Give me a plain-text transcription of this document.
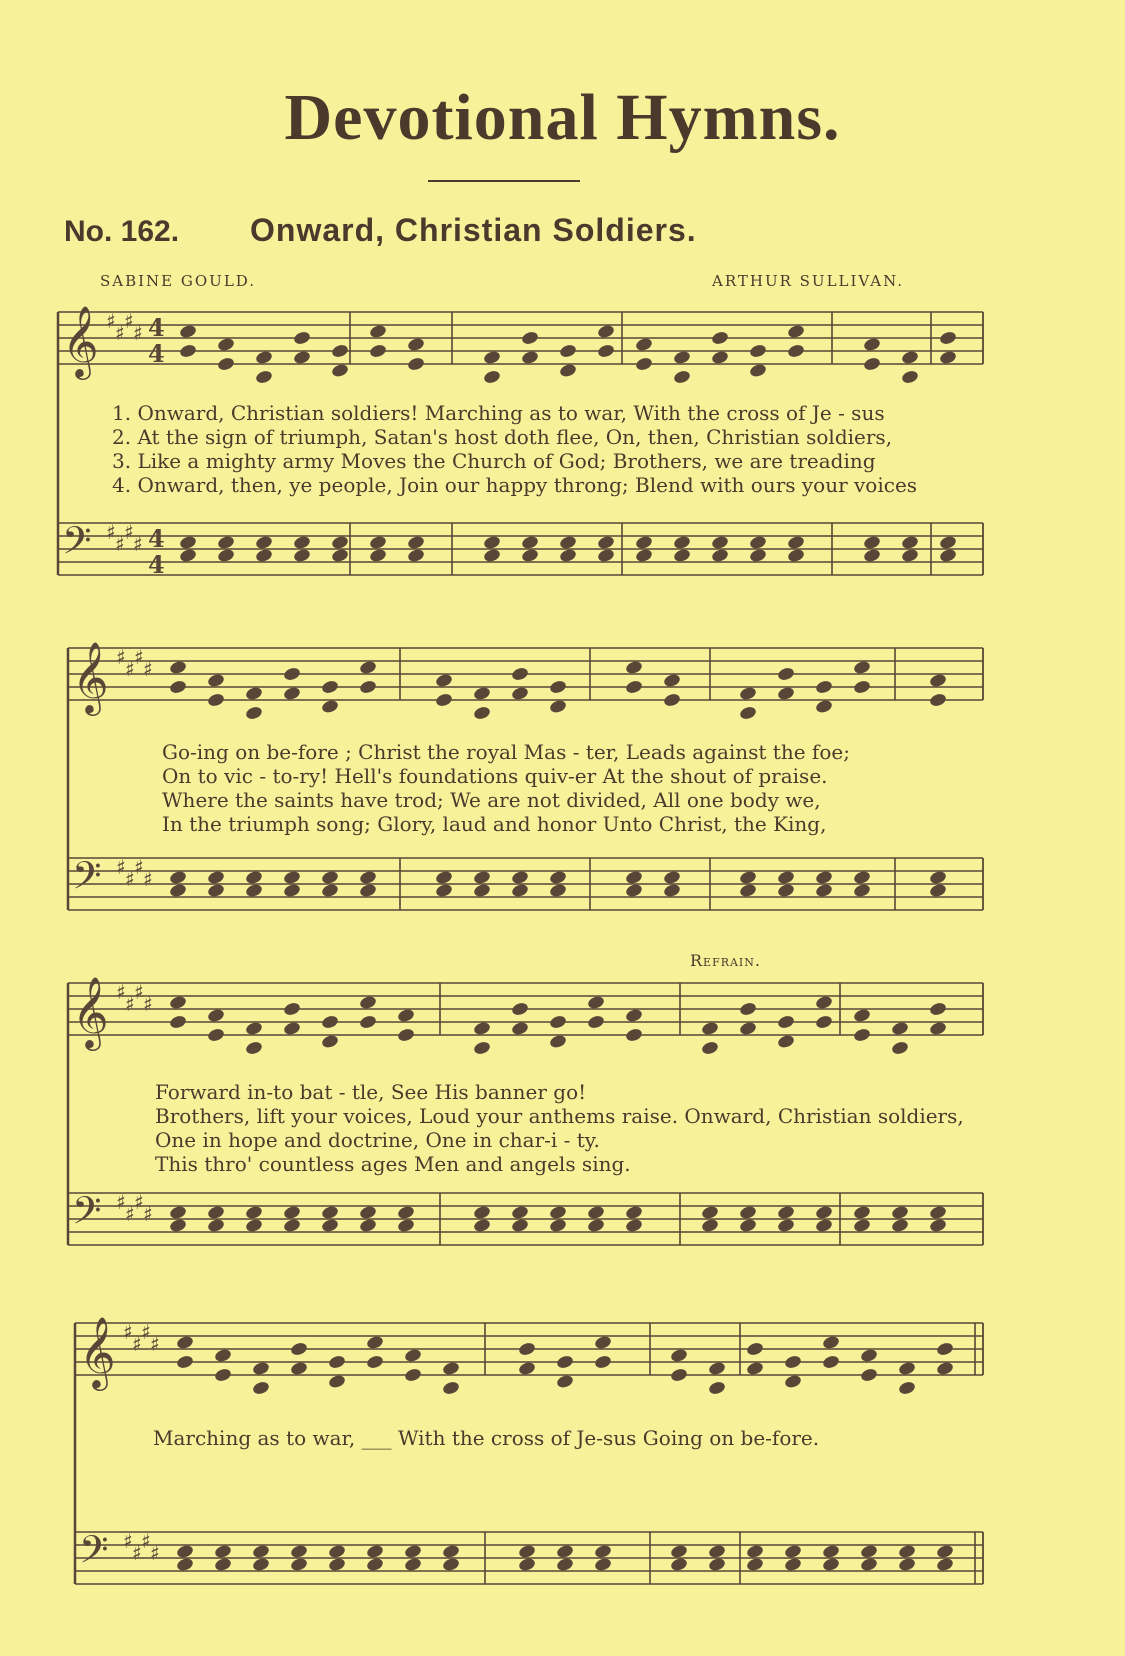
Devotional Hymns.
No. 162. Onward, Christian Soldiers.
SABINE GOULD.	ARTHUR SULLIVAN.
Refrain.
𝄞 ♯ ♯ ♯ ♯
𝄢 ♯ ♯ ♯ ♯
𝄞 ♯ ♯ ♯ ♯
𝄢 ♯ ♯ ♯ ♯
𝄞 ♯ ♯ ♯ ♯
𝄢 ♯ ♯ ♯ ♯
𝄞 ♯ ♯ ♯ ♯
𝄢 ♯ ♯ ♯ ♯
4
4
4
4
1. Onward, Christian soldiers! Marching as to war, With the cross of Je - sus
2. At the sign of triumph, Satan's host doth flee, On, then, Christian soldiers,
3. Like a mighty army Moves the Church of God; Brothers, we are treading
4. Onward, then, ye people, Join our happy throng; Blend with ours your voices
Go-ing on be-fore ; Christ the royal Mas - ter, Leads against the foe;
On to vic - to-ry! Hell's foundations quiv-er At the shout of praise.
Where the saints have trod; We are not divided, All one body we,
In the triumph song; Glory, laud and honor Unto Christ, the King,
Forward in-to bat - tle, See His banner go!
Brothers, lift your voices, Loud your anthems raise. Onward, Christian soldiers,
One in hope and doctrine, One in char-i - ty.
This thro' countless ages Men and angels sing.
Marching as to war, ___ With the cross of Je-sus Going on be-fore.
